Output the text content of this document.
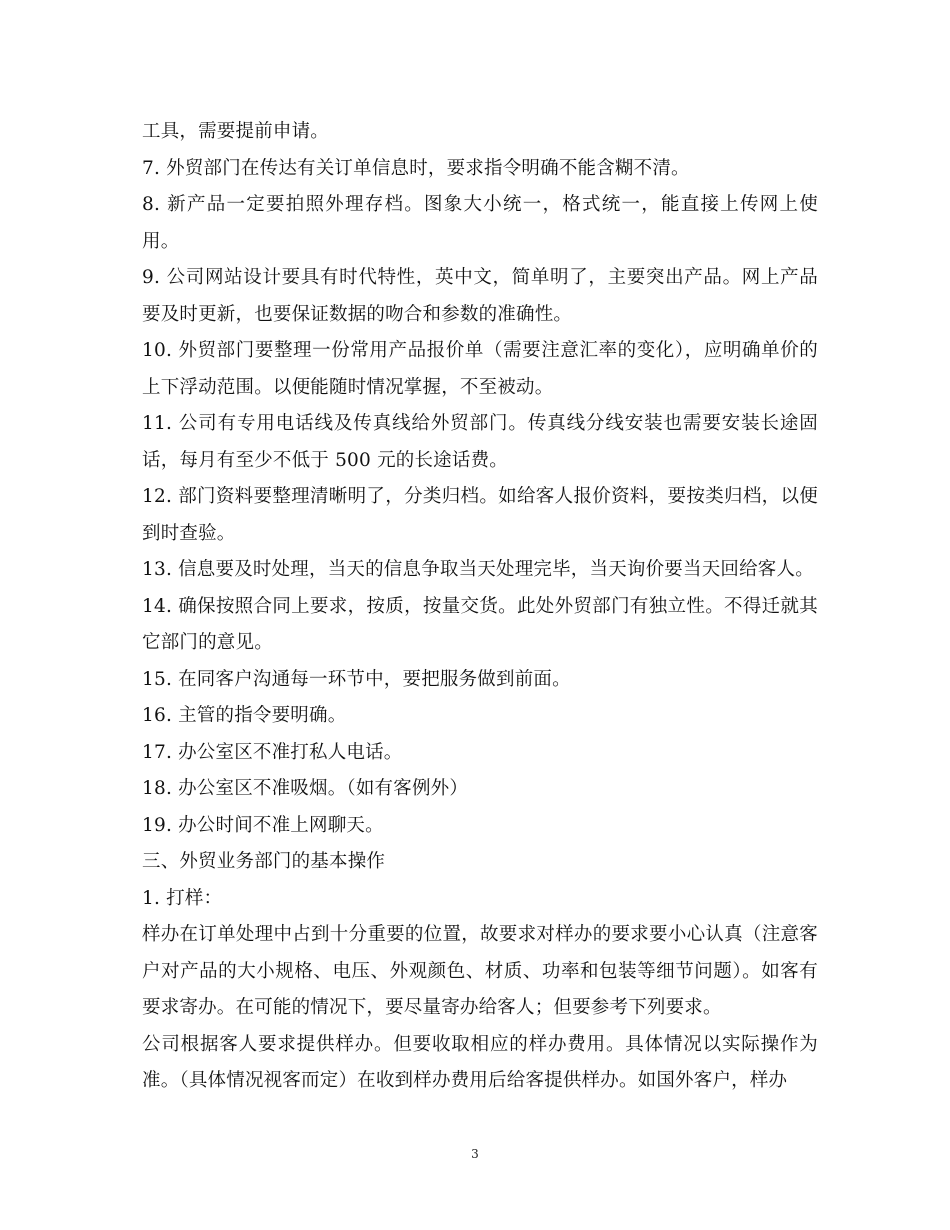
工具，需要提前申请。

7. 外贸部门在传达有关订单信息时，要求指令明确不能含糊不清。

8. 新产品一定要拍照外理存档。图象大小统一，格式统一，能直接上传网上使用。

9. 公司网站设计要具有时代特性，英中文，简单明了，主要突出产品。网上产品要及时更新，也要保证数据的吻合和参数的准确性。

10. 外贸部门要整理一份常用产品报价单（需要注意汇率的变化），应明确单价的上下浮动范围。以便能随时情况掌握，不至被动。

11. 公司有专用电话线及传真线给外贸部门。传真线分线安装也需要安装长途固话，每月有至少不低于 500 元的长途话费。

12. 部门资料要整理清晰明了，分类归档。如给客人报价资料，要按类归档，以便到时查验。

13. 信息要及时处理，当天的信息争取当天处理完毕，当天询价要当天回给客人。

14. 确保按照合同上要求，按质，按量交货。此处外贸部门有独立性。不得迁就其它部门的意见。

15. 在同客户沟通每一环节中，要把服务做到前面。

16. 主管的指令要明确。

17. 办公室区不准打私人电话。

18. 办公室区不准吸烟。（如有客例外）

19. 办公时间不准上网聊天。

三、外贸业务部门的基本操作

1. 打样：

样办在订单处理中占到十分重要的位置，故要求对样办的要求要小心认真（注意客户对产品的大小规格、电压、外观颜色、材质、功率和包装等细节问题）。如客有要求寄办。在可能的情况下，要尽量寄办给客人；但要参考下列要求。

公司根据客人要求提供样办。但要收取相应的样办费用。具体情况以实际操作为准。（具体情况视客而定）在收到样办费用后给客提供样办。如国外客户，样办

3
